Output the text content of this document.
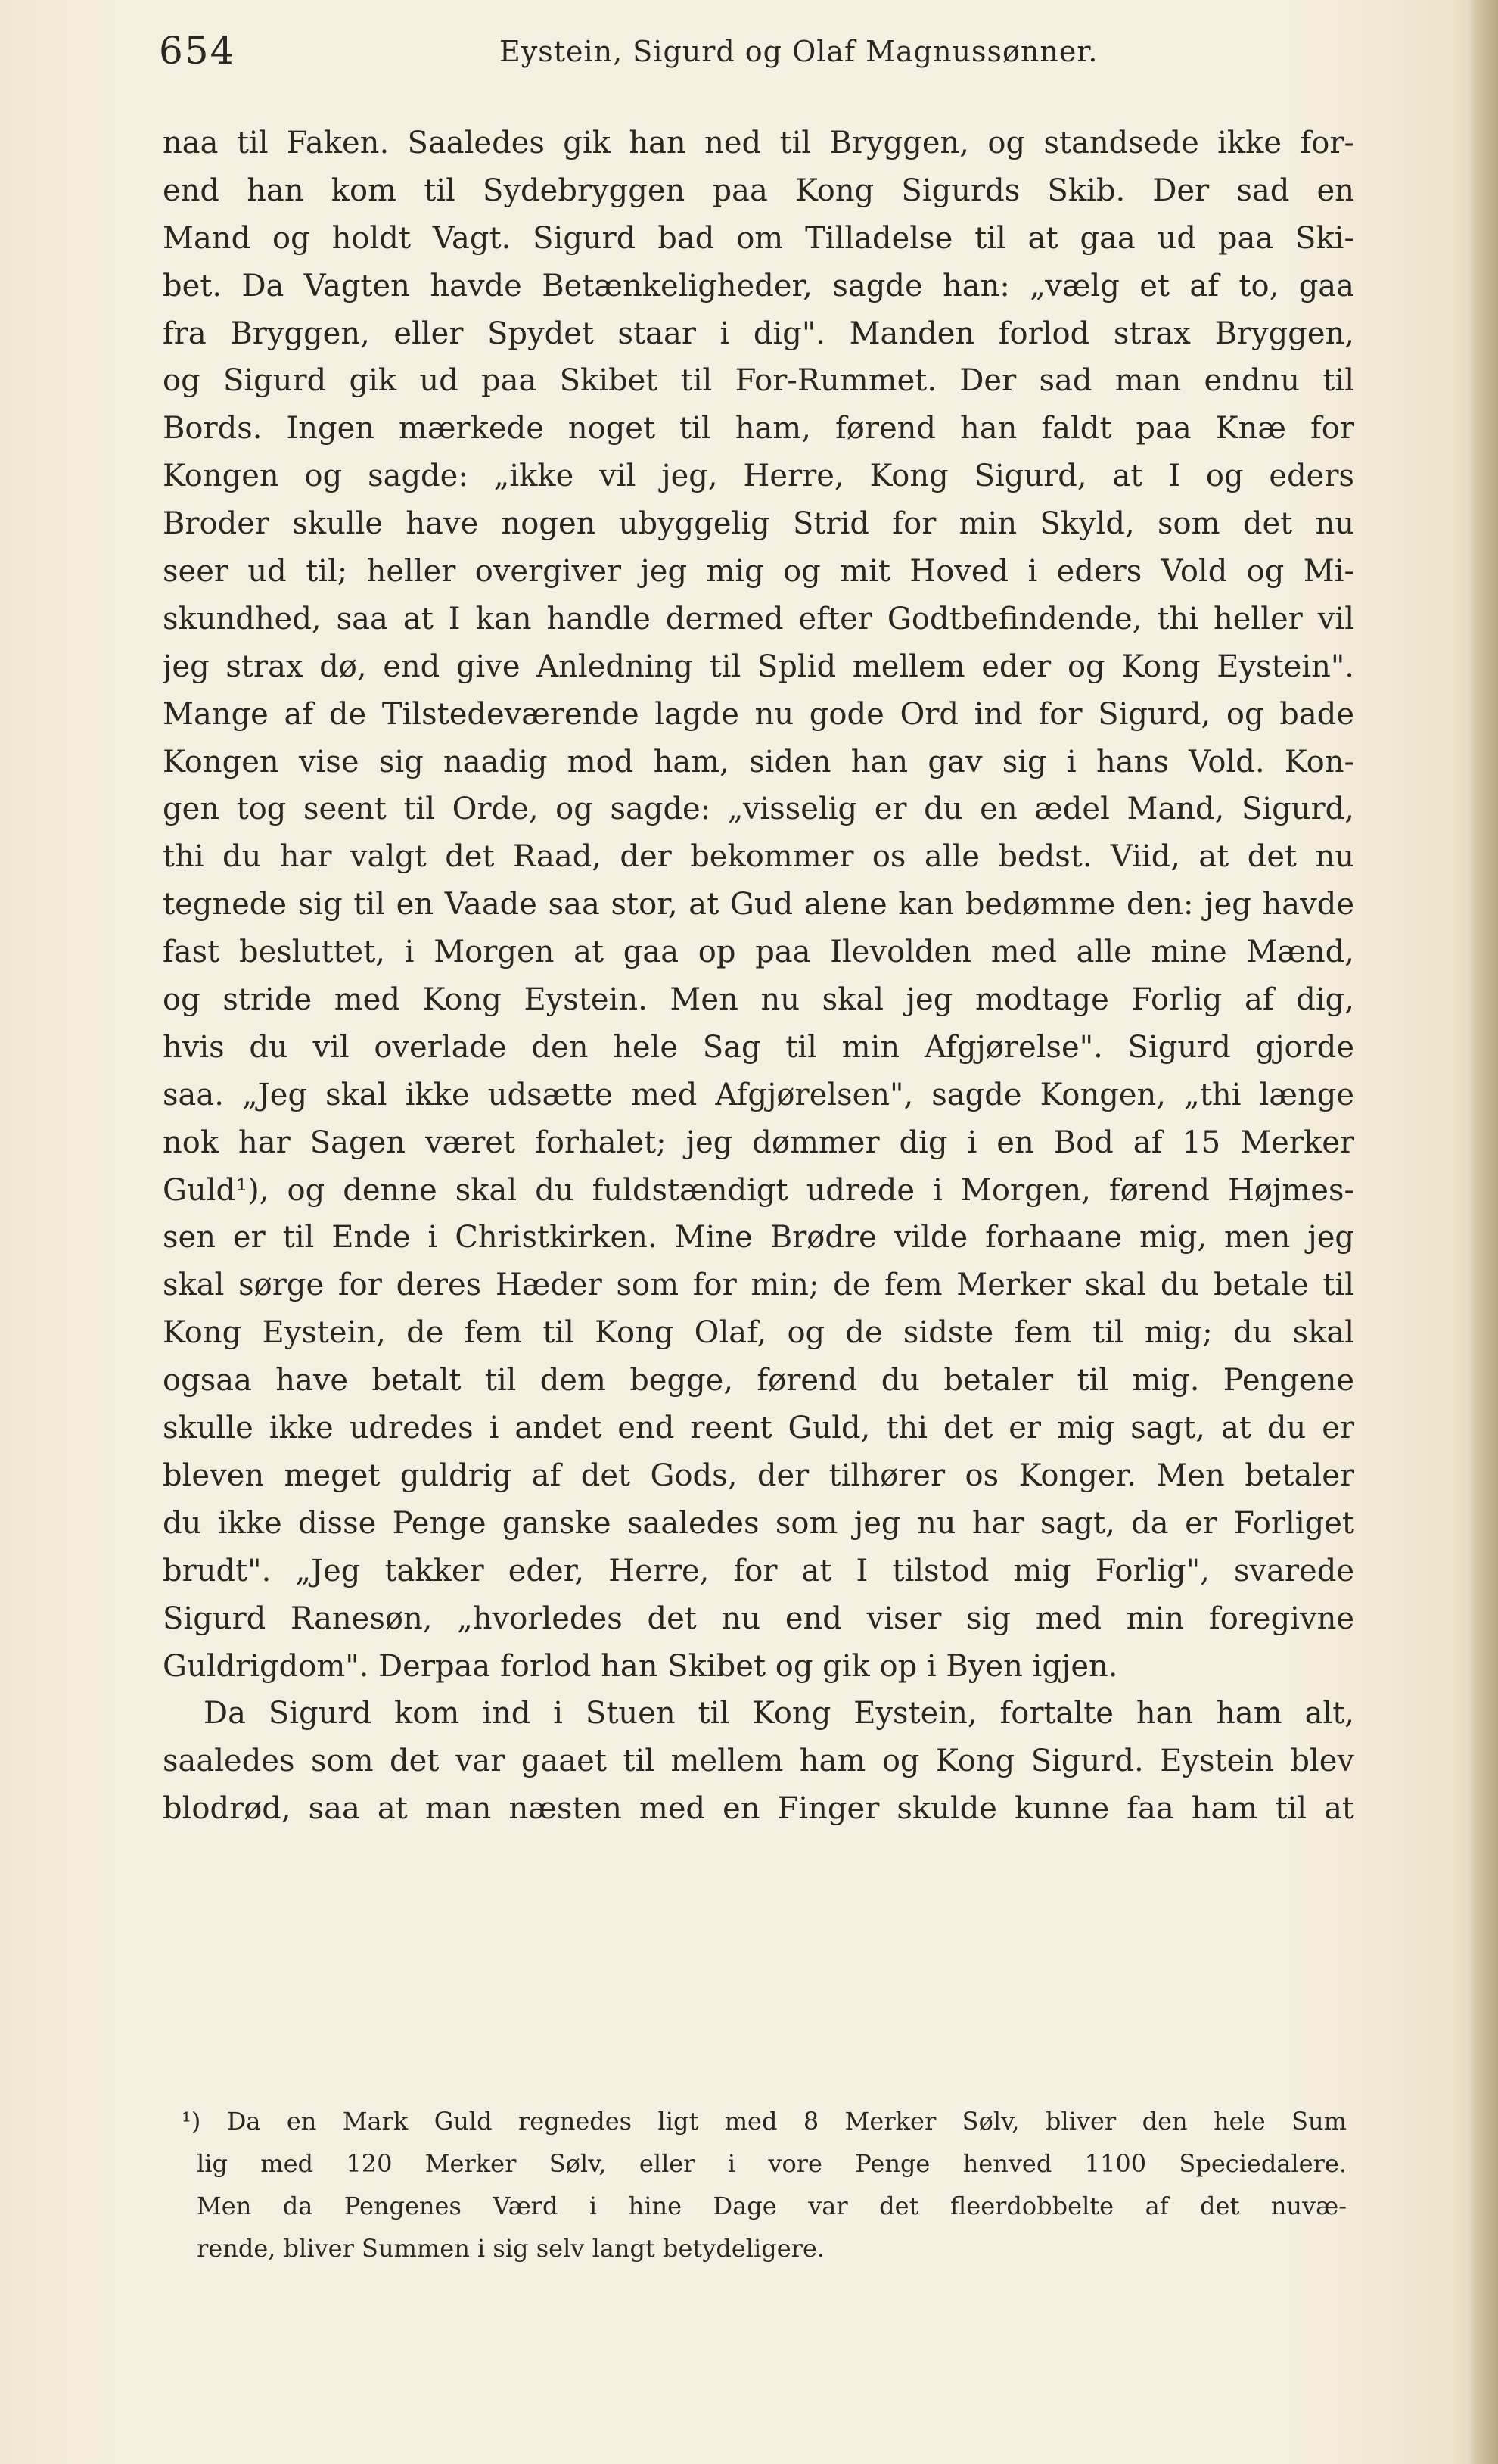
654	Eystein, Sigurd og Olaf Magnussønner.
naa til Faken. Saaledes gik han ned til Bryggen, og standsede ikke for-
end han kom til Sydebryggen paa Kong Sigurds Skib. Der sad en
Mand og holdt Vagt. Sigurd bad om Tilladelse til at gaa ud paa Ski-
bet. Da Vagten havde Betænkeligheder, sagde han: „vælg et af to, gaa
fra Bryggen, eller Spydet staar i dig". Manden forlod strax Bryggen,
og Sigurd gik ud paa Skibet til For-Rummet. Der sad man endnu til
Bords. Ingen mærkede noget til ham, førend han faldt paa Knæ for
Kongen og sagde: „ikke vil jeg, Herre, Kong Sigurd, at I og eders
Broder skulle have nogen ubyggelig Strid for min Skyld, som det nu
seer ud til; heller overgiver jeg mig og mit Hoved i eders Vold og Mi-
skundhed, saa at I kan handle dermed efter Godtbefindende, thi heller vil
jeg strax dø, end give Anledning til Splid mellem eder og Kong Eystein".
Mange af de Tilstedeværende lagde nu gode Ord ind for Sigurd, og bade
Kongen vise sig naadig mod ham, siden han gav sig i hans Vold. Kon-
gen tog seent til Orde, og sagde: „visselig er du en ædel Mand, Sigurd,
thi du har valgt det Raad, der bekommer os alle bedst. Viid, at det nu
tegnede sig til en Vaade saa stor, at Gud alene kan bedømme den: jeg havde
fast besluttet, i Morgen at gaa op paa Ilevolden med alle mine Mænd,
og stride med Kong Eystein. Men nu skal jeg modtage Forlig af dig,
hvis du vil overlade den hele Sag til min Afgjørelse". Sigurd gjorde
saa. „Jeg skal ikke udsætte med Afgjørelsen", sagde Kongen, „thi længe
nok har Sagen været forhalet; jeg dømmer dig i en Bod af 15 Merker
Guld¹), og denne skal du fuldstændigt udrede i Morgen, førend Højmes-
sen er til Ende i Christkirken. Mine Brødre vilde forhaane mig, men jeg
skal sørge for deres Hæder som for min; de fem Merker skal du betale til
Kong Eystein, de fem til Kong Olaf, og de sidste fem til mig; du skal
ogsaa have betalt til dem begge, førend du betaler til mig. Pengene
skulle ikke udredes i andet end reent Guld, thi det er mig sagt, at du er
bleven meget guldrig af det Gods, der tilhører os Konger. Men betaler
du ikke disse Penge ganske saaledes som jeg nu har sagt, da er Forliget
brudt". „Jeg takker eder, Herre, for at I tilstod mig Forlig", svarede
Sigurd Ranesøn, „hvorledes det nu end viser sig med min foregivne
Guldrigdom". Derpaa forlod han Skibet og gik op i Byen igjen.
Da Sigurd kom ind i Stuen til Kong Eystein, fortalte han ham alt,
saaledes som det var gaaet til mellem ham og Kong Sigurd. Eystein blev
blodrød, saa at man næsten med en Finger skulde kunne faa ham til at
¹) Da en Mark Guld regnedes ligt med 8 Merker Sølv, bliver den hele Sum
lig med 120 Merker Sølv, eller i vore Penge henved 1100 Speciedalere.
Men da Pengenes Værd i hine Dage var det fleerdobbelte af det nuvæ-
rende, bliver Summen i sig selv langt betydeligere.
